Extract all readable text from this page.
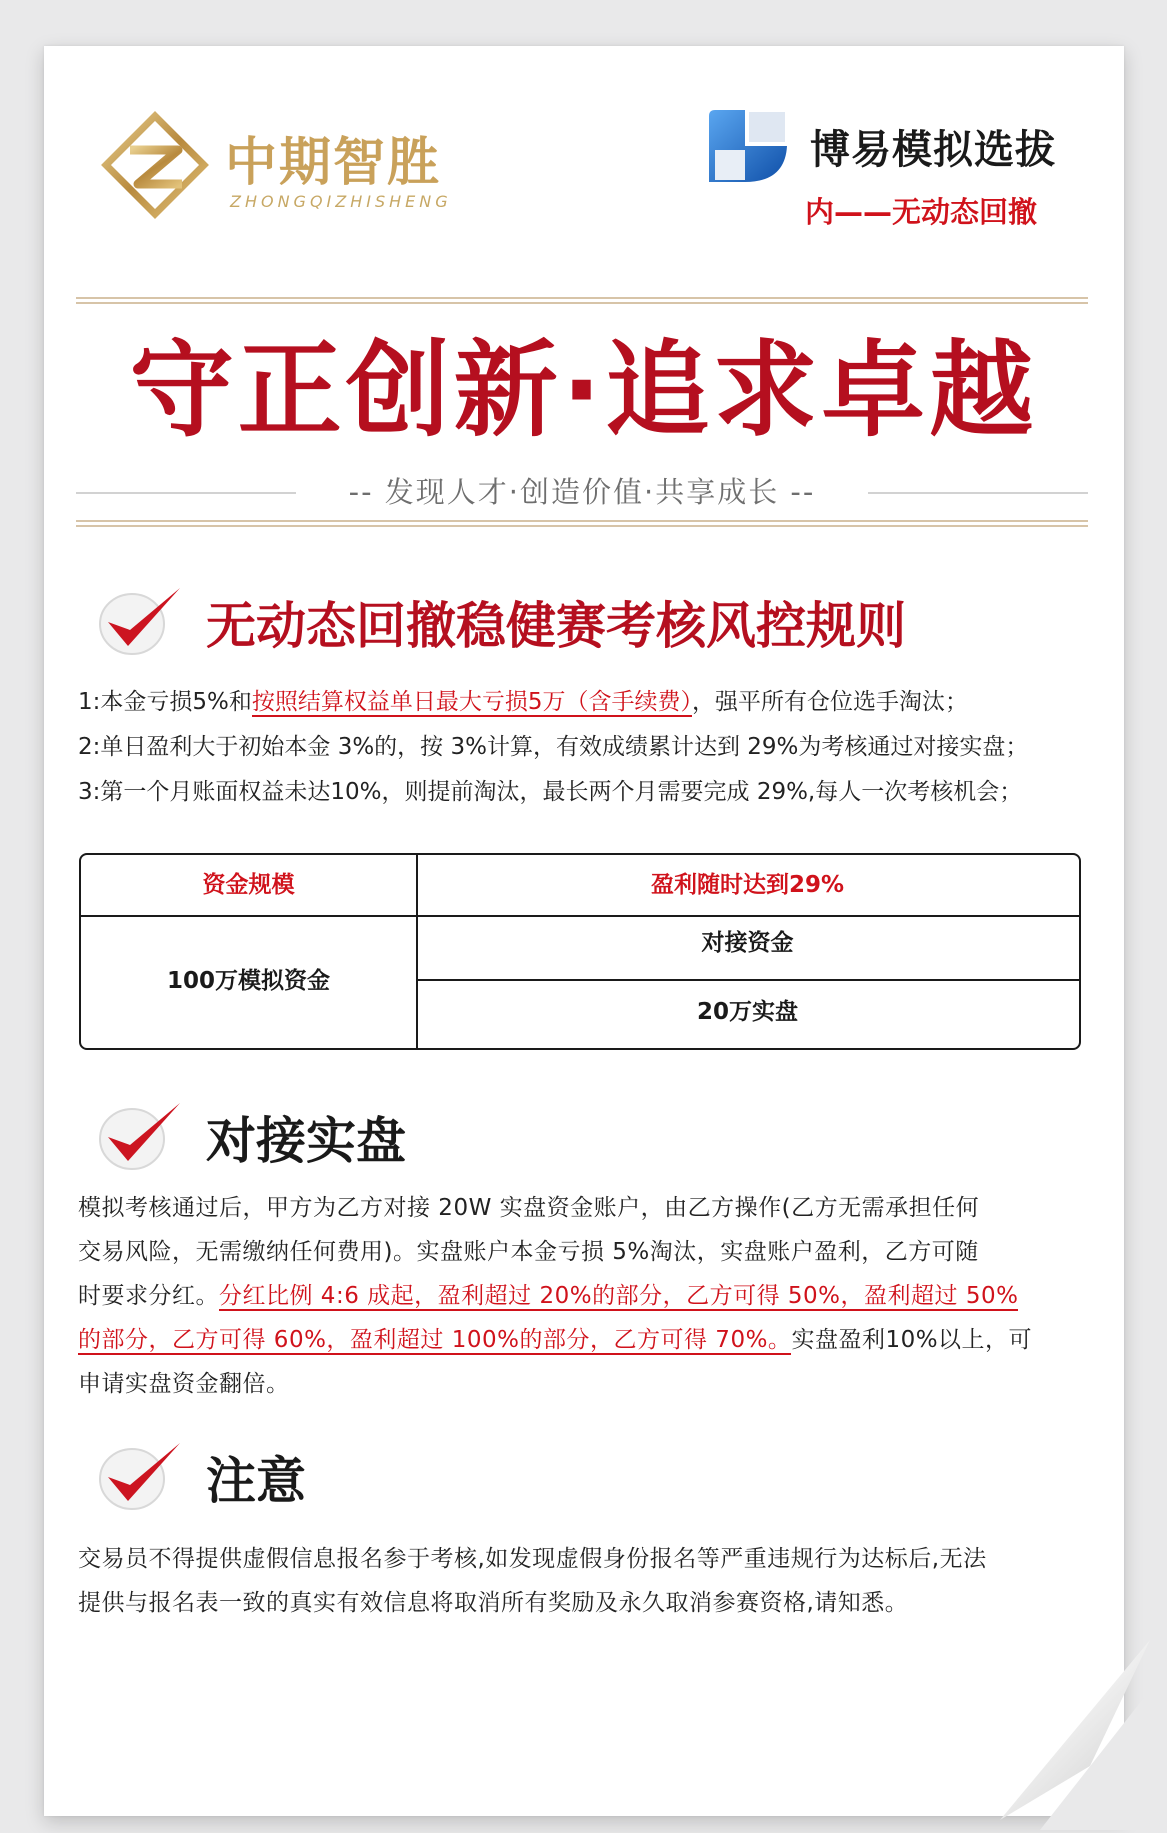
中期智胜
ZHONGQIZHISHENG
博易模拟选拔
内——无动态回撤
守正创新·追求卓越
-- 发现人才·创造价值·共享成长 --
无动态回撤稳健赛考核风控规则
1:本金亏损5%和按照结算权益单日最大亏损5万（含手续费），强平所有仓位选手淘汰；
2:单日盈利大于初始本金 3%的，按 3%计算，有效成绩累计达到 29%为考核通过对接实盘；
3:第一个月账面权益未达10%，则提前淘汰，最长两个月需要完成 29%,每人一次考核机会；
资金规模	盈利随时达到29%
100万模拟资金
对接资金
20万实盘
对接实盘
模拟考核通过后，甲方为乙方对接 20W 实盘资金账户，由乙方操作(乙方无需承担任何
交易风险，无需缴纳任何费用)。实盘账户本金亏损 5%淘汰，实盘账户盈利，乙方可随
时要求分红。分红比例 4:6 成起，盈利超过 20%的部分，乙方可得 50%，盈利超过 50%
的部分，乙方可得 60%，盈利超过 100%的部分，乙方可得 70%。实盘盈利10%以上，可
申请实盘资金翻倍。
注意
交易员不得提供虚假信息报名参于考核,如发现虚假身份报名等严重违规行为达标后,无法
提供与报名表一致的真实有效信息将取消所有奖励及永久取消参赛资格,请知悉。
